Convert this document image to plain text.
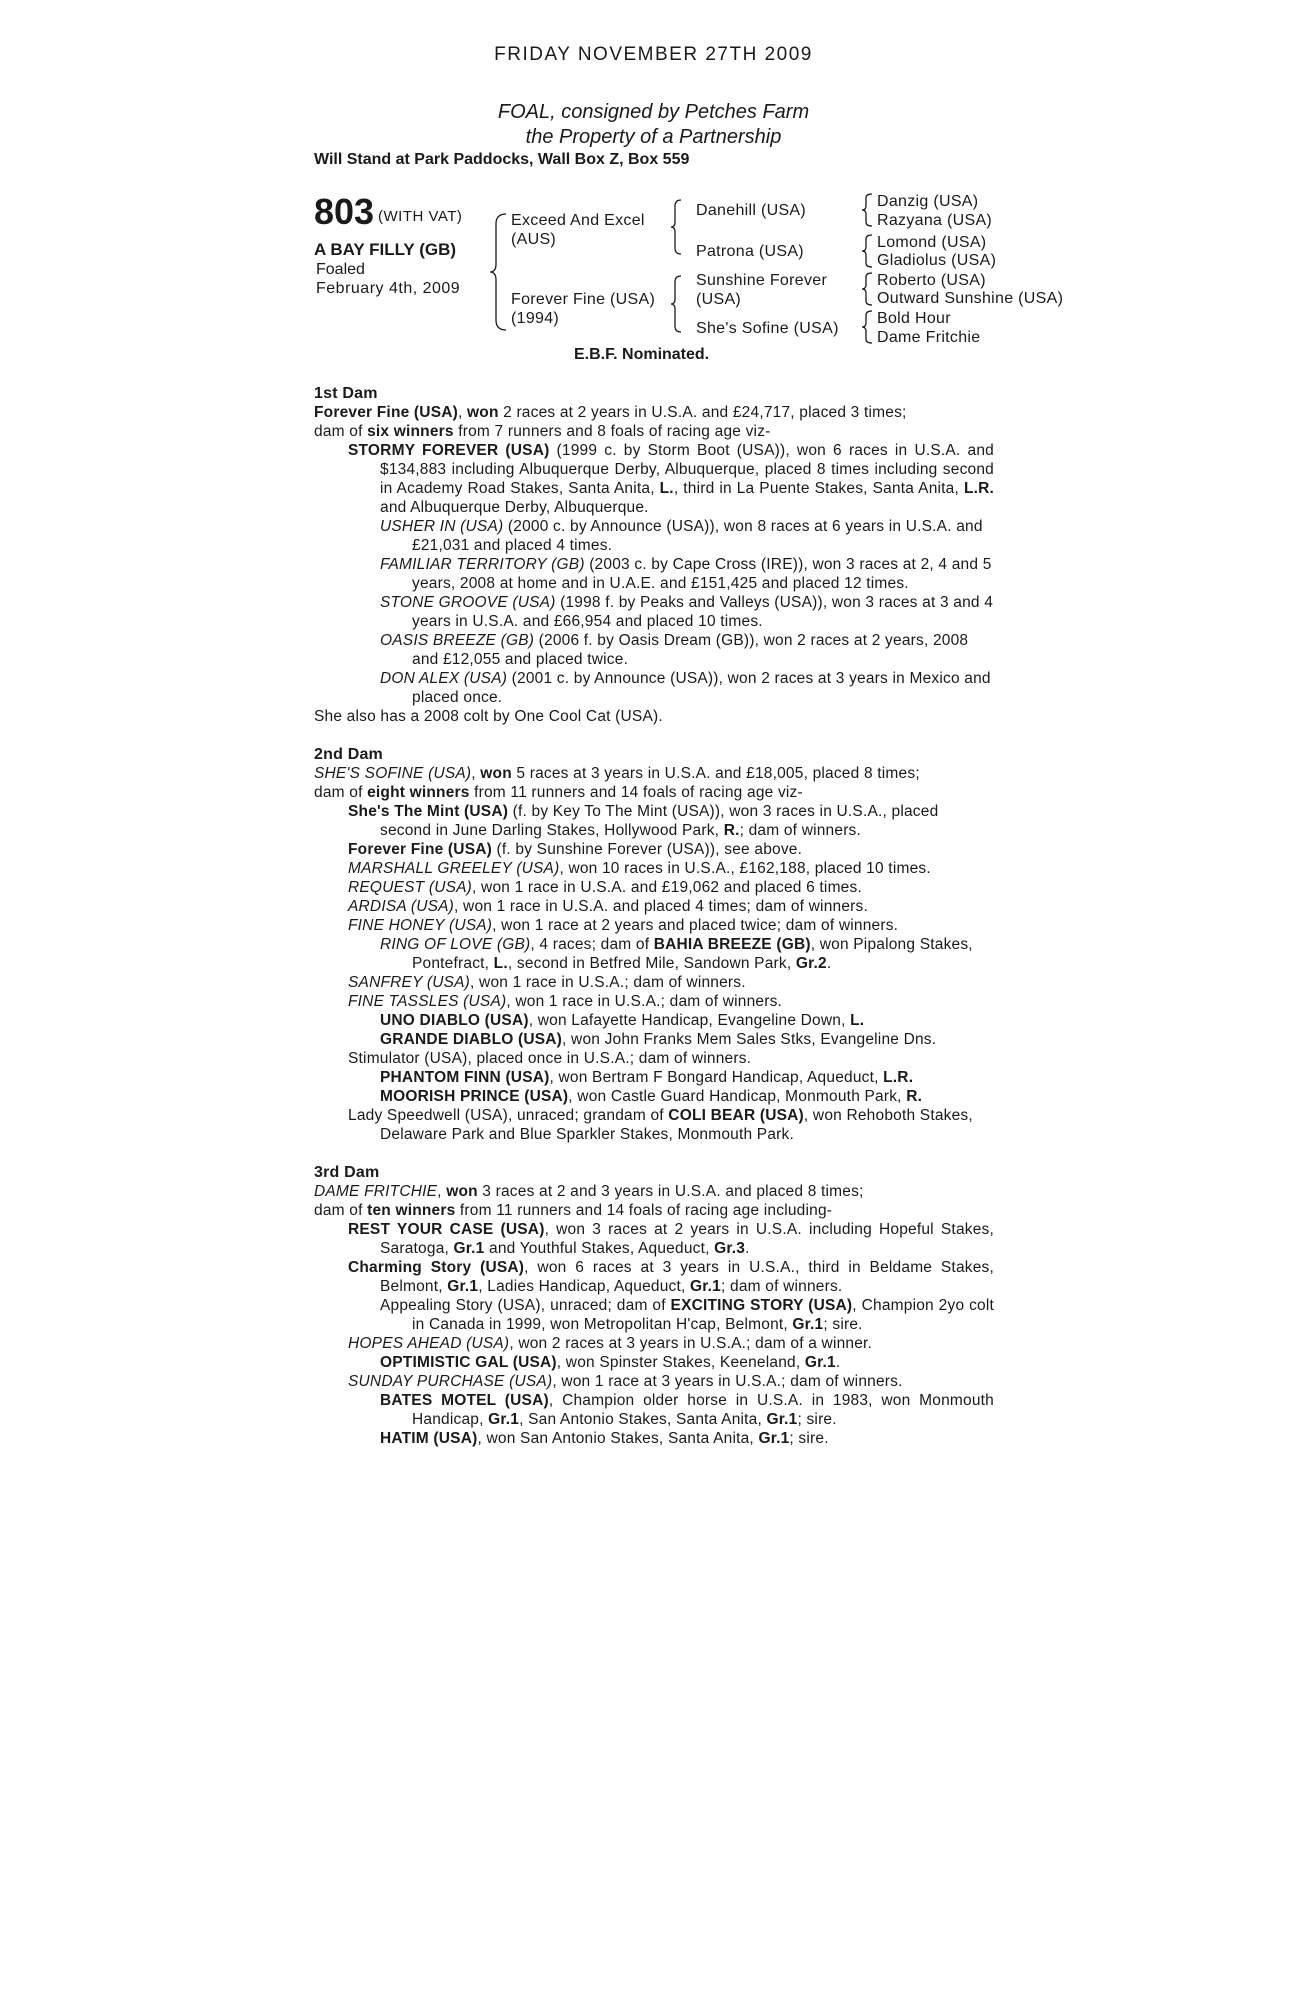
FRIDAY NOVEMBER 27TH 2009
FOAL, consigned by Petches Farm
the Property of a Partnership
Will Stand at Park Paddocks, Wall Box Z, Box 559
803 (WITH VAT)
A BAY FILLY (GB)
Foaled
February 4th, 2009
Exceed And Excel
(AUS)
Forever Fine (USA)
(1994)
Danehill (USA)
Patrona (USA)
Sunshine Forever
(USA)
She's Sofine (USA)
Danzig (USA)
Razyana (USA)
Lomond (USA)
Gladiolus (USA)
Roberto (USA)
Outward Sunshine (USA)
Bold Hour
Dame Fritchie
E.B.F. Nominated.

1st Dam

Forever Fine (USA), won 2 races at 2 years in U.S.A. and £24,717, placed 3 times;

dam of six winners from 7 runners and 8 foals of racing age viz-

STORMY FOREVER (USA) (1999 c. by Storm Boot (USA)), won 6 races in U.S.A. and $134,883 including Albuquerque Derby, Albuquerque, placed 8 times including second in Academy Road Stakes, Santa Anita, L., third in La Puente Stakes, Santa Anita, L.R. and Albuquerque Derby, Albuquerque.

USHER IN (USA) (2000 c. by Announce (USA)), won 8 races at 6 years in U.S.A. and £21,031 and placed 4 times.

FAMILIAR TERRITORY (GB) (2003 c. by Cape Cross (IRE)), won 3 races at 2, 4 and 5 years, 2008 at home and in U.A.E. and £151,425 and placed 12 times.

STONE GROOVE (USA) (1998 f. by Peaks and Valleys (USA)), won 3 races at 3 and 4 years in U.S.A. and £66,954 and placed 10 times.

OASIS BREEZE (GB) (2006 f. by Oasis Dream (GB)), won 2 races at 2 years, 2008 and £12,055 and placed twice.

DON ALEX (USA) (2001 c. by Announce (USA)), won 2 races at 3 years in Mexico and placed once.

She also has a 2008 colt by One Cool Cat (USA).

2nd Dam

SHE'S SOFINE (USA), won 5 races at 3 years in U.S.A. and £18,005, placed 8 times;

dam of eight winners from 11 runners and 14 foals of racing age viz-

She's The Mint (USA) (f. by Key To The Mint (USA)), won 3 races in U.S.A., placed second in June Darling Stakes, Hollywood Park, R.; dam of winners.

Forever Fine (USA) (f. by Sunshine Forever (USA)), see above.

MARSHALL GREELEY (USA), won 10 races in U.S.A., £162,188, placed 10 times.

REQUEST (USA), won 1 race in U.S.A. and £19,062 and placed 6 times.

ARDISA (USA), won 1 race in U.S.A. and placed 4 times; dam of winners.

FINE HONEY (USA), won 1 race at 2 years and placed twice; dam of winners.

RING OF LOVE (GB), 4 races; dam of BAHIA BREEZE (GB), won Pipalong Stakes, Pontefract, L., second in Betfred Mile, Sandown Park, Gr.2.

SANFREY (USA), won 1 race in U.S.A.; dam of winners.

FINE TASSLES (USA), won 1 race in U.S.A.; dam of winners.

UNO DIABLO (USA), won Lafayette Handicap, Evangeline Down, L.

GRANDE DIABLO (USA), won John Franks Mem Sales Stks, Evangeline Dns.

Stimulator (USA), placed once in U.S.A.; dam of winners.

PHANTOM FINN (USA), won Bertram F Bongard Handicap, Aqueduct, L.R.

MOORISH PRINCE (USA), won Castle Guard Handicap, Monmouth Park, R.

Lady Speedwell (USA), unraced; grandam of COLI BEAR (USA), won Rehoboth Stakes, Delaware Park and Blue Sparkler Stakes, Monmouth Park.

3rd Dam

DAME FRITCHIE, won 3 races at 2 and 3 years in U.S.A. and placed 8 times;

dam of ten winners from 11 runners and 14 foals of racing age including-

REST YOUR CASE (USA), won 3 races at 2 years in U.S.A. including Hopeful Stakes, Saratoga, Gr.1 and Youthful Stakes, Aqueduct, Gr.3.

Charming Story (USA), won 6 races at 3 years in U.S.A., third in Beldame Stakes, Belmont, Gr.1, Ladies Handicap, Aqueduct, Gr.1; dam of winners.

Appealing Story (USA), unraced; dam of EXCITING STORY (USA), Champion 2yo colt in Canada in 1999, won Metropolitan H'cap, Belmont, Gr.1; sire.

HOPES AHEAD (USA), won 2 races at 3 years in U.S.A.; dam of a winner.

OPTIMISTIC GAL (USA), won Spinster Stakes, Keeneland, Gr.1.

SUNDAY PURCHASE (USA), won 1 race at 3 years in U.S.A.; dam of winners.

BATES MOTEL (USA), Champion older horse in U.S.A. in 1983, won Monmouth Handicap, Gr.1, San Antonio Stakes, Santa Anita, Gr.1; sire.

HATIM (USA), won San Antonio Stakes, Santa Anita, Gr.1; sire.
